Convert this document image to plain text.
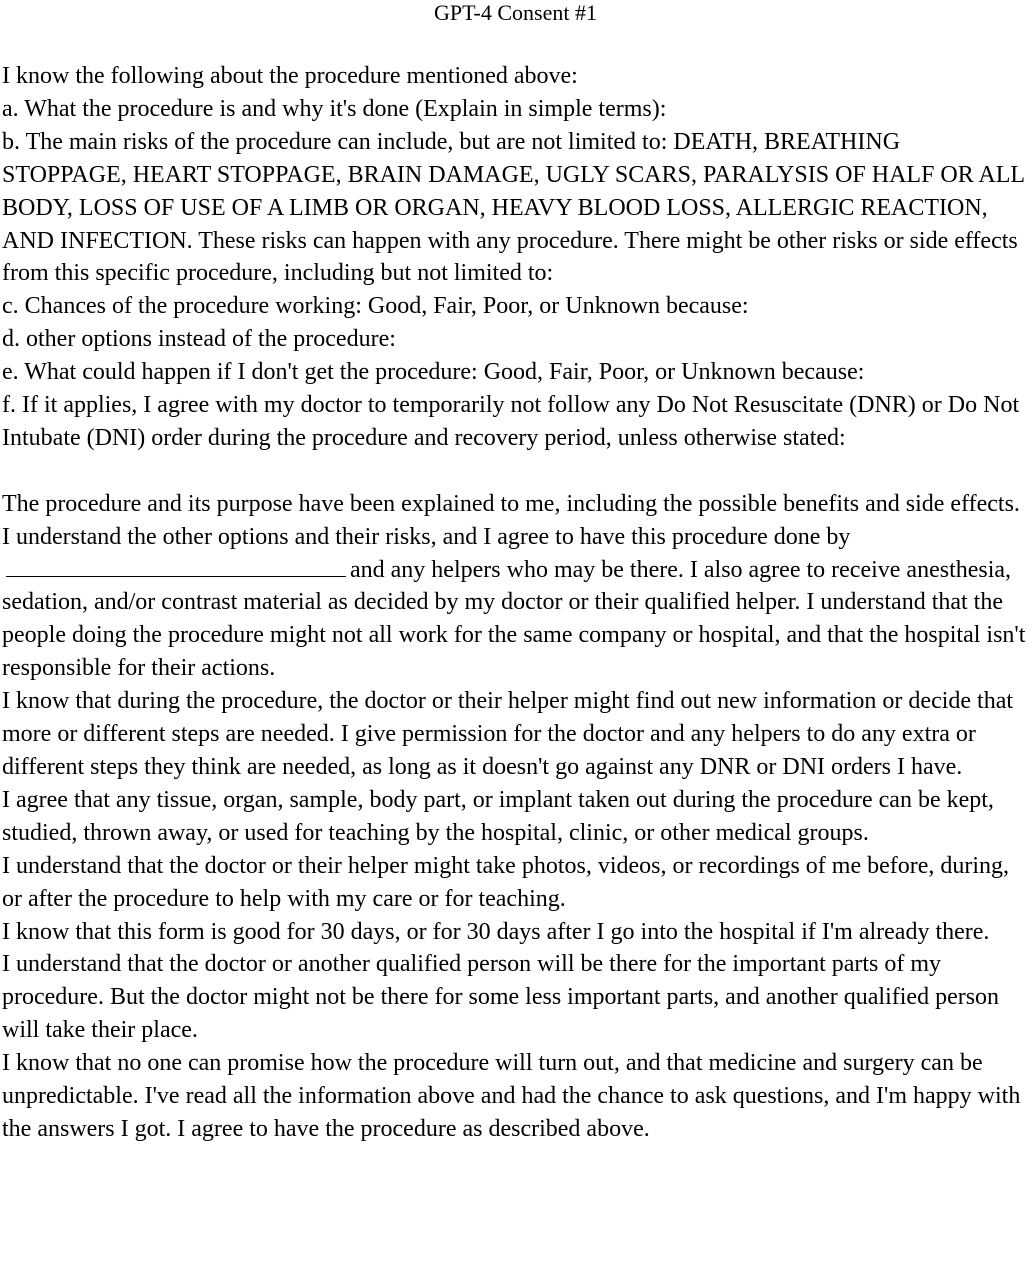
GPT-4 Consent #1

I know the following about the procedure mentioned above:

a. What the procedure is and why it's done (Explain in simple terms):

b. The main risks of the procedure can include, but are not limited to: DEATH, BREATHING STOPPAGE, HEART STOPPAGE, BRAIN DAMAGE, UGLY SCARS, PARALYSIS OF HALF OR ALL BODY, LOSS OF USE OF A LIMB OR ORGAN, HEAVY BLOOD LOSS, ALLERGIC REACTION, AND INFECTION. These risks can happen with any procedure. There might be other risks or side effects from this specific procedure, including but not limited to:

c. Chances of the procedure working: Good, Fair, Poor, or Unknown because:

d. other options instead of the procedure:

e. What could happen if I don't get the procedure: Good, Fair, Poor, or Unknown because:

f. If it applies, I agree with my doctor to temporarily not follow any Do Not Resuscitate (DNR) or Do Not Intubate (DNI) order during the procedure and recovery period, unless otherwise stated:

The procedure and its purpose have been explained to me, including the possible benefits and side effects. I understand the other options and their risks, and I agree to have this procedure done byand any helpers who may be there. I also agree to receive anesthesia, sedation, and/or contrast material as decided by my doctor or their qualified helper. I understand that the people doing the procedure might not all work for the same company or hospital, and that the hospital isn't responsible for their actions.

I know that during the procedure, the doctor or their helper might find out new information or decide that more or different steps are needed. I give permission for the doctor and any helpers to do any extra or different steps they think are needed, as long as it doesn't go against any DNR or DNI orders I have.

I agree that any tissue, organ, sample, body part, or implant taken out during the procedure can be kept, studied, thrown away, or used for teaching by the hospital, clinic, or other medical groups.

I understand that the doctor or their helper might take photos, videos, or recordings of me before, during, or after the procedure to help with my care or for teaching.

I know that this form is good for 30 days, or for 30 days after I go into the hospital if I'm already there.

I understand that the doctor or another qualified person will be there for the important parts of my procedure. But the doctor might not be there for some less important parts, and another qualified person will take their place.

I know that no one can promise how the procedure will turn out, and that medicine and surgery can be unpredictable. I've read all the information above and had the chance to ask questions, and I'm happy with the answers I got. I agree to have the procedure as described above.
